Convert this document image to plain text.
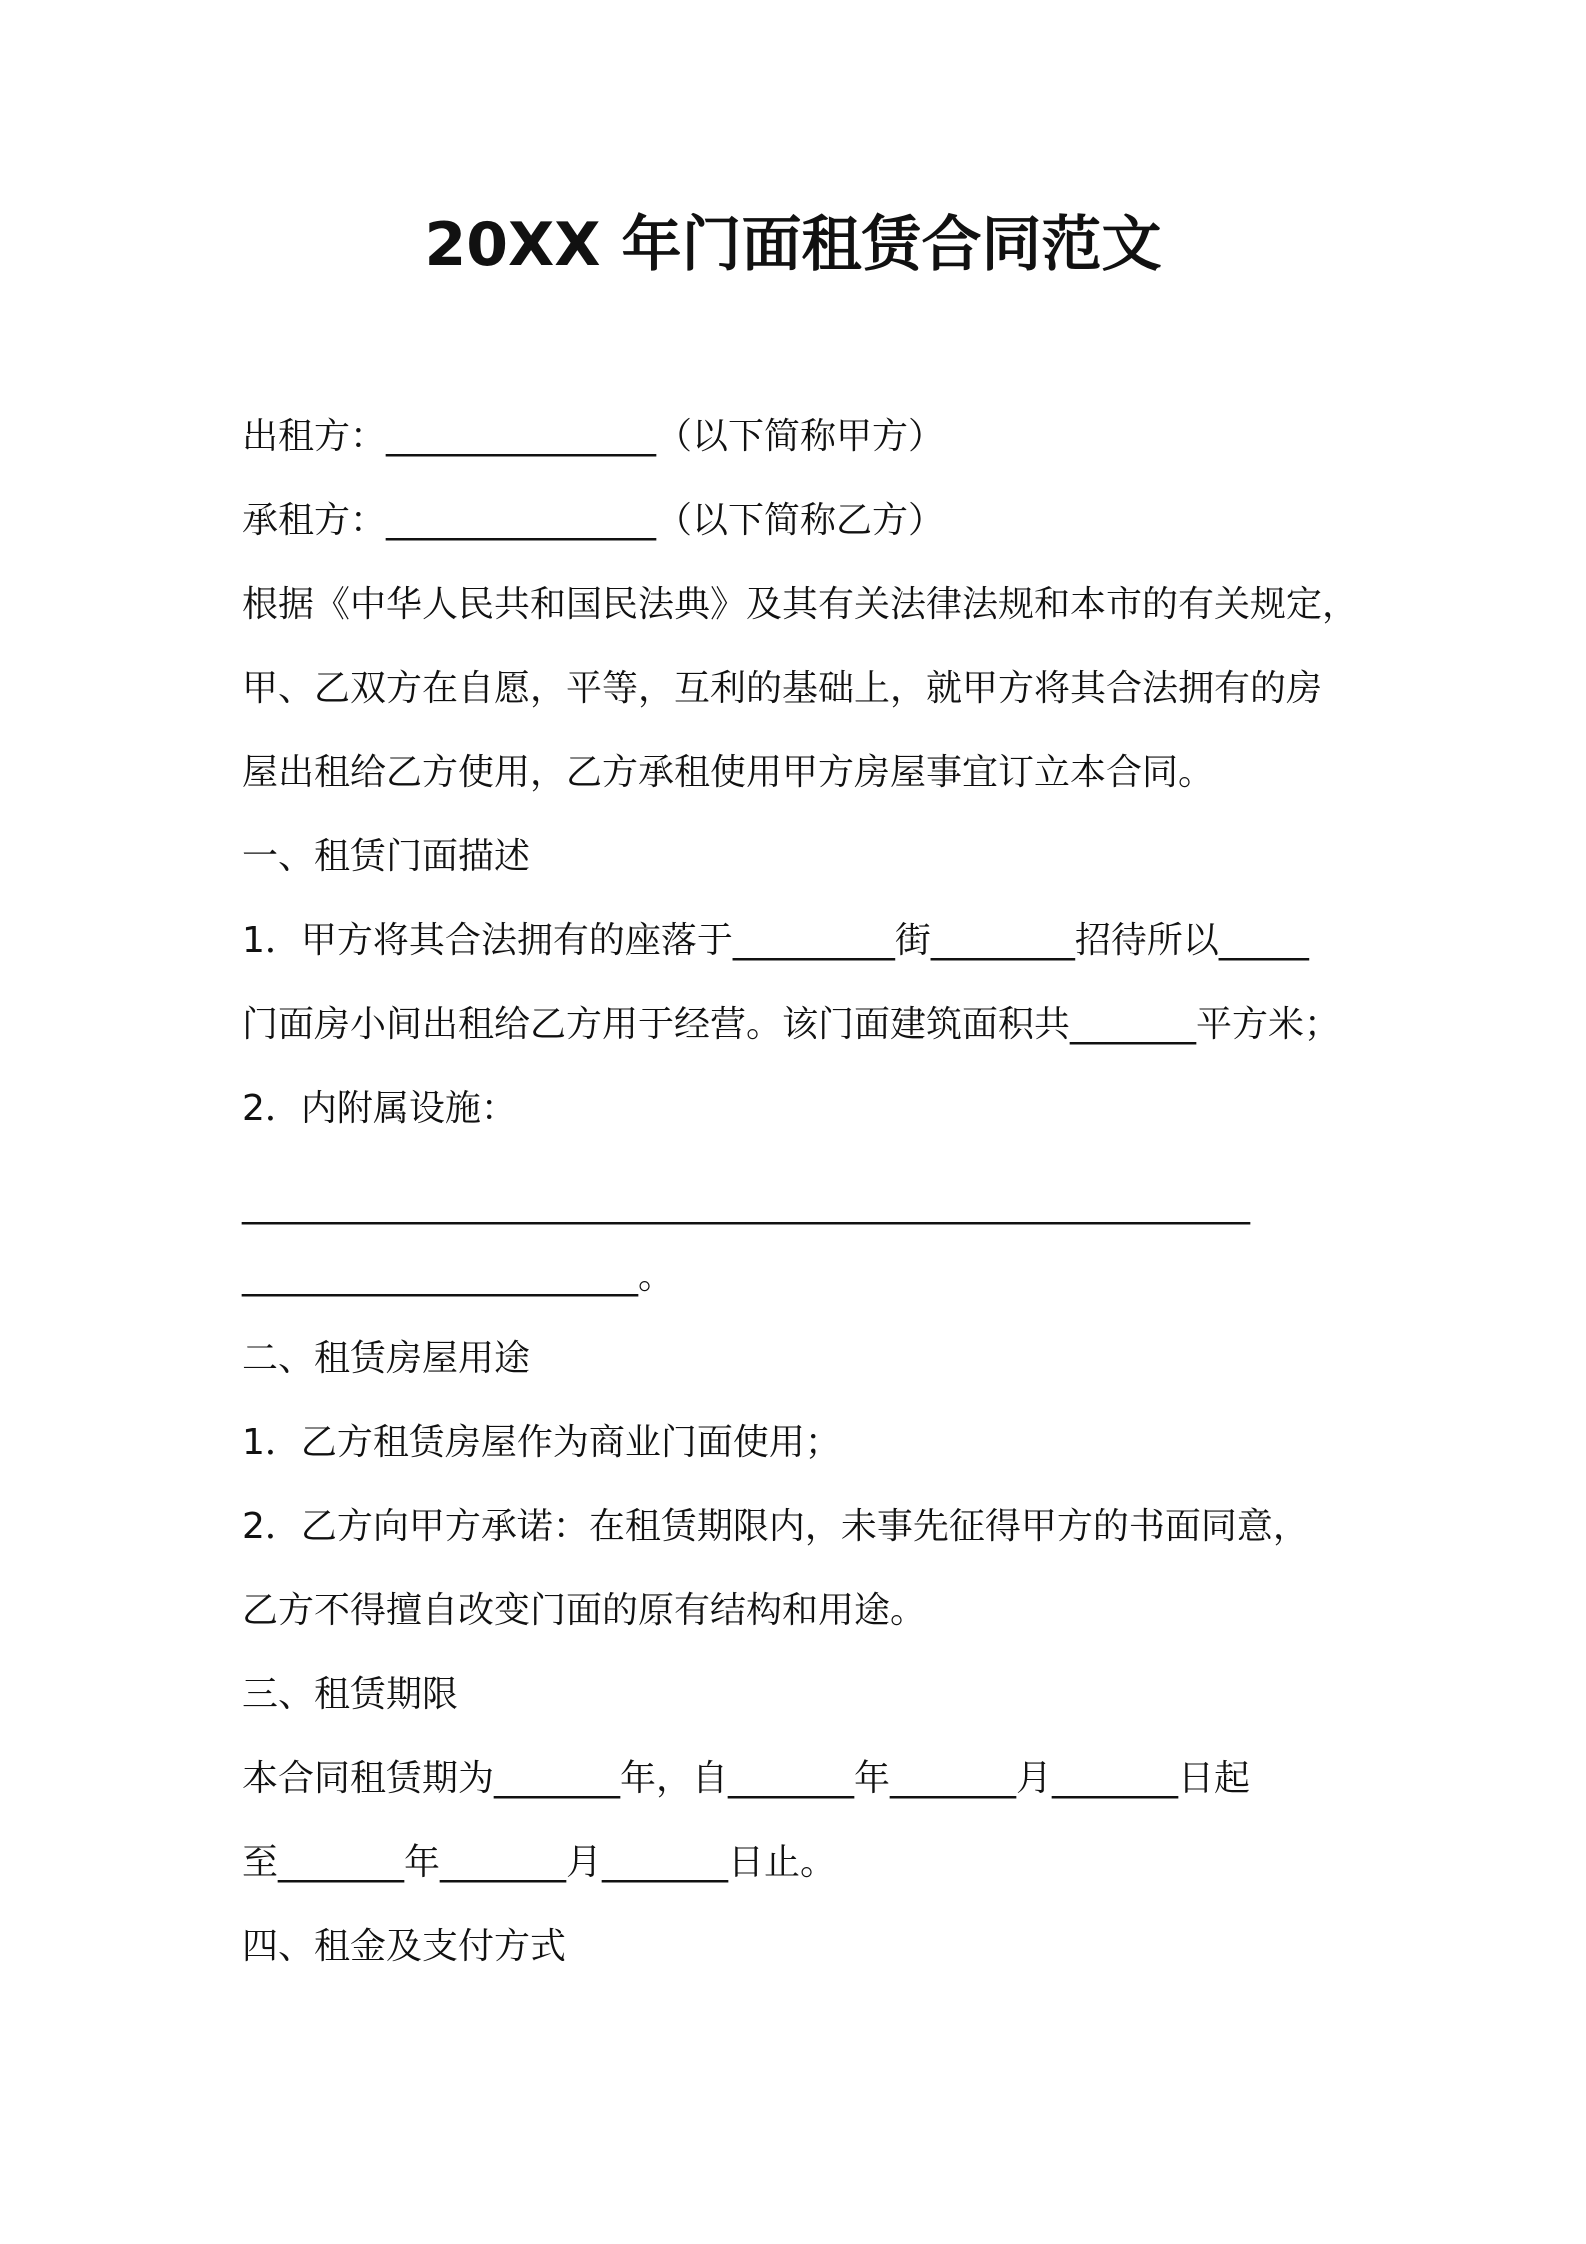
20XX 年门面租赁合同范文
出租方：_______________（以下简称甲方）
承租方：_______________（以下简称乙方）
根据《中华人民共和国民法典》及其有关法律法规和本市的有关规定，
甲、乙双方在自愿，平等，互利的基础上，就甲方将其合法拥有的房
屋出租给乙方使用，乙方承租使用甲方房屋事宜订立本合同。
一、租赁门面描述
1．甲方将其合法拥有的座落于_________街________招待所以_____
门面房小间出租给乙方用于经营。该门面建筑面积共_______平方米；
2．内附属设施：
________________________________________________________
______________________。
二、租赁房屋用途
1．乙方租赁房屋作为商业门面使用；
2．乙方向甲方承诺：在租赁期限内，未事先征得甲方的书面同意，
乙方不得擅自改变门面的原有结构和用途。
三、租赁期限
本合同租赁期为_______年，自_______年_______月_______日起
至_______年_______月_______日止。
四、租金及支付方式
